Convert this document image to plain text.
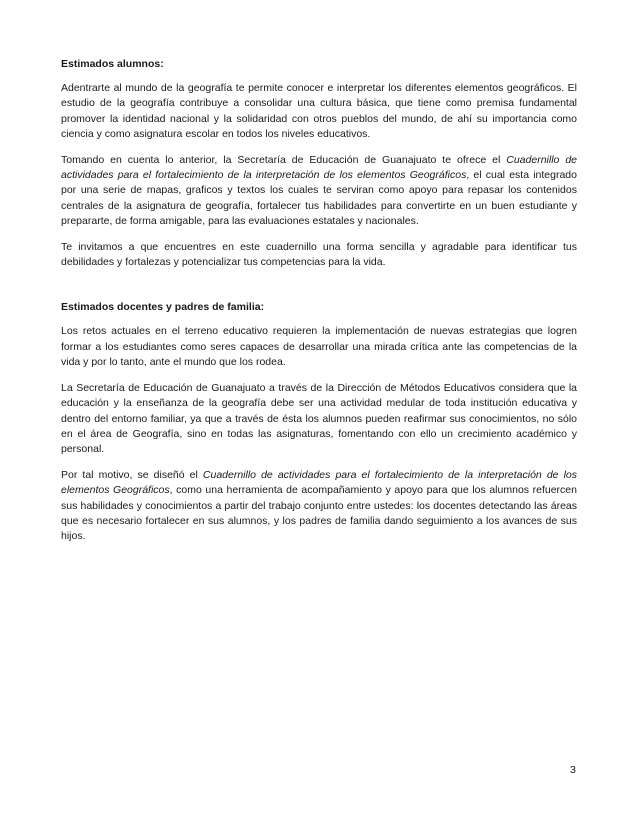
Estimados alumnos:

Adentrarte al mundo de la geografía te permite conocer e interpretar los diferentes elementos geográficos. El estudio de la geografía contribuye a consolidar una cultura básica, que tiene como premisa fundamental promover la identidad nacional y la solidaridad con otros pueblos del mundo, de ahí su importancia como ciencia y como asignatura escolar en todos los niveles educativos.

Tomando en cuenta lo anterior, la Secretaría de Educación de Guanajuato te ofrece el Cuadernillo de actividades para el fortalecimiento de la interpretación de los elementos Geográficos, el cual esta integrado por una serie de mapas, graficos y textos los cuales te serviran como apoyo para repasar los contenidos centrales de la asignatura de geografía, fortalecer tus habilidades para convertirte en un buen estudiante y prepararte, de forma amigable, para las evaluaciones estatales y nacionales.

Te invitamos a que encuentres en este cuadernillo una forma sencilla y agradable para identificar tus debilidades y fortalezas y potencializar tus competencias para la vida.

Estimados docentes y padres de familia:

Los retos actuales en el terreno educativo requieren la implementación de nuevas estrategias que logren formar a los estudiantes como seres capaces de desarrollar una mirada crítica ante las competencias de la vida y por lo tanto, ante el mundo que los rodea.

La Secretaría de Educación de Guanajuato a través de la Dirección de Métodos Educativos considera que la educación y la enseñanza de la geografía debe ser una actividad medular de toda institución educativa y dentro del entorno familiar, ya que a través de ésta los alumnos pueden reafirmar sus conocimientos, no sólo en el área de Geografía, sino en todas las asignaturas, fomentando con ello un crecimiento académico y personal.

Por tal motivo, se diseñó el Cuadernillo de actividades para el fortalecimiento de la interpretación de los elementos Geográficos, como una herramienta de acompañamiento y apoyo para que los alumnos refuercen sus habilidades y conocimientos a partir del trabajo conjunto entre ustedes: los docentes detectando las áreas que es necesario fortalecer en sus alumnos, y los padres de familia dando seguimiento a los avances de sus hijos.

3
